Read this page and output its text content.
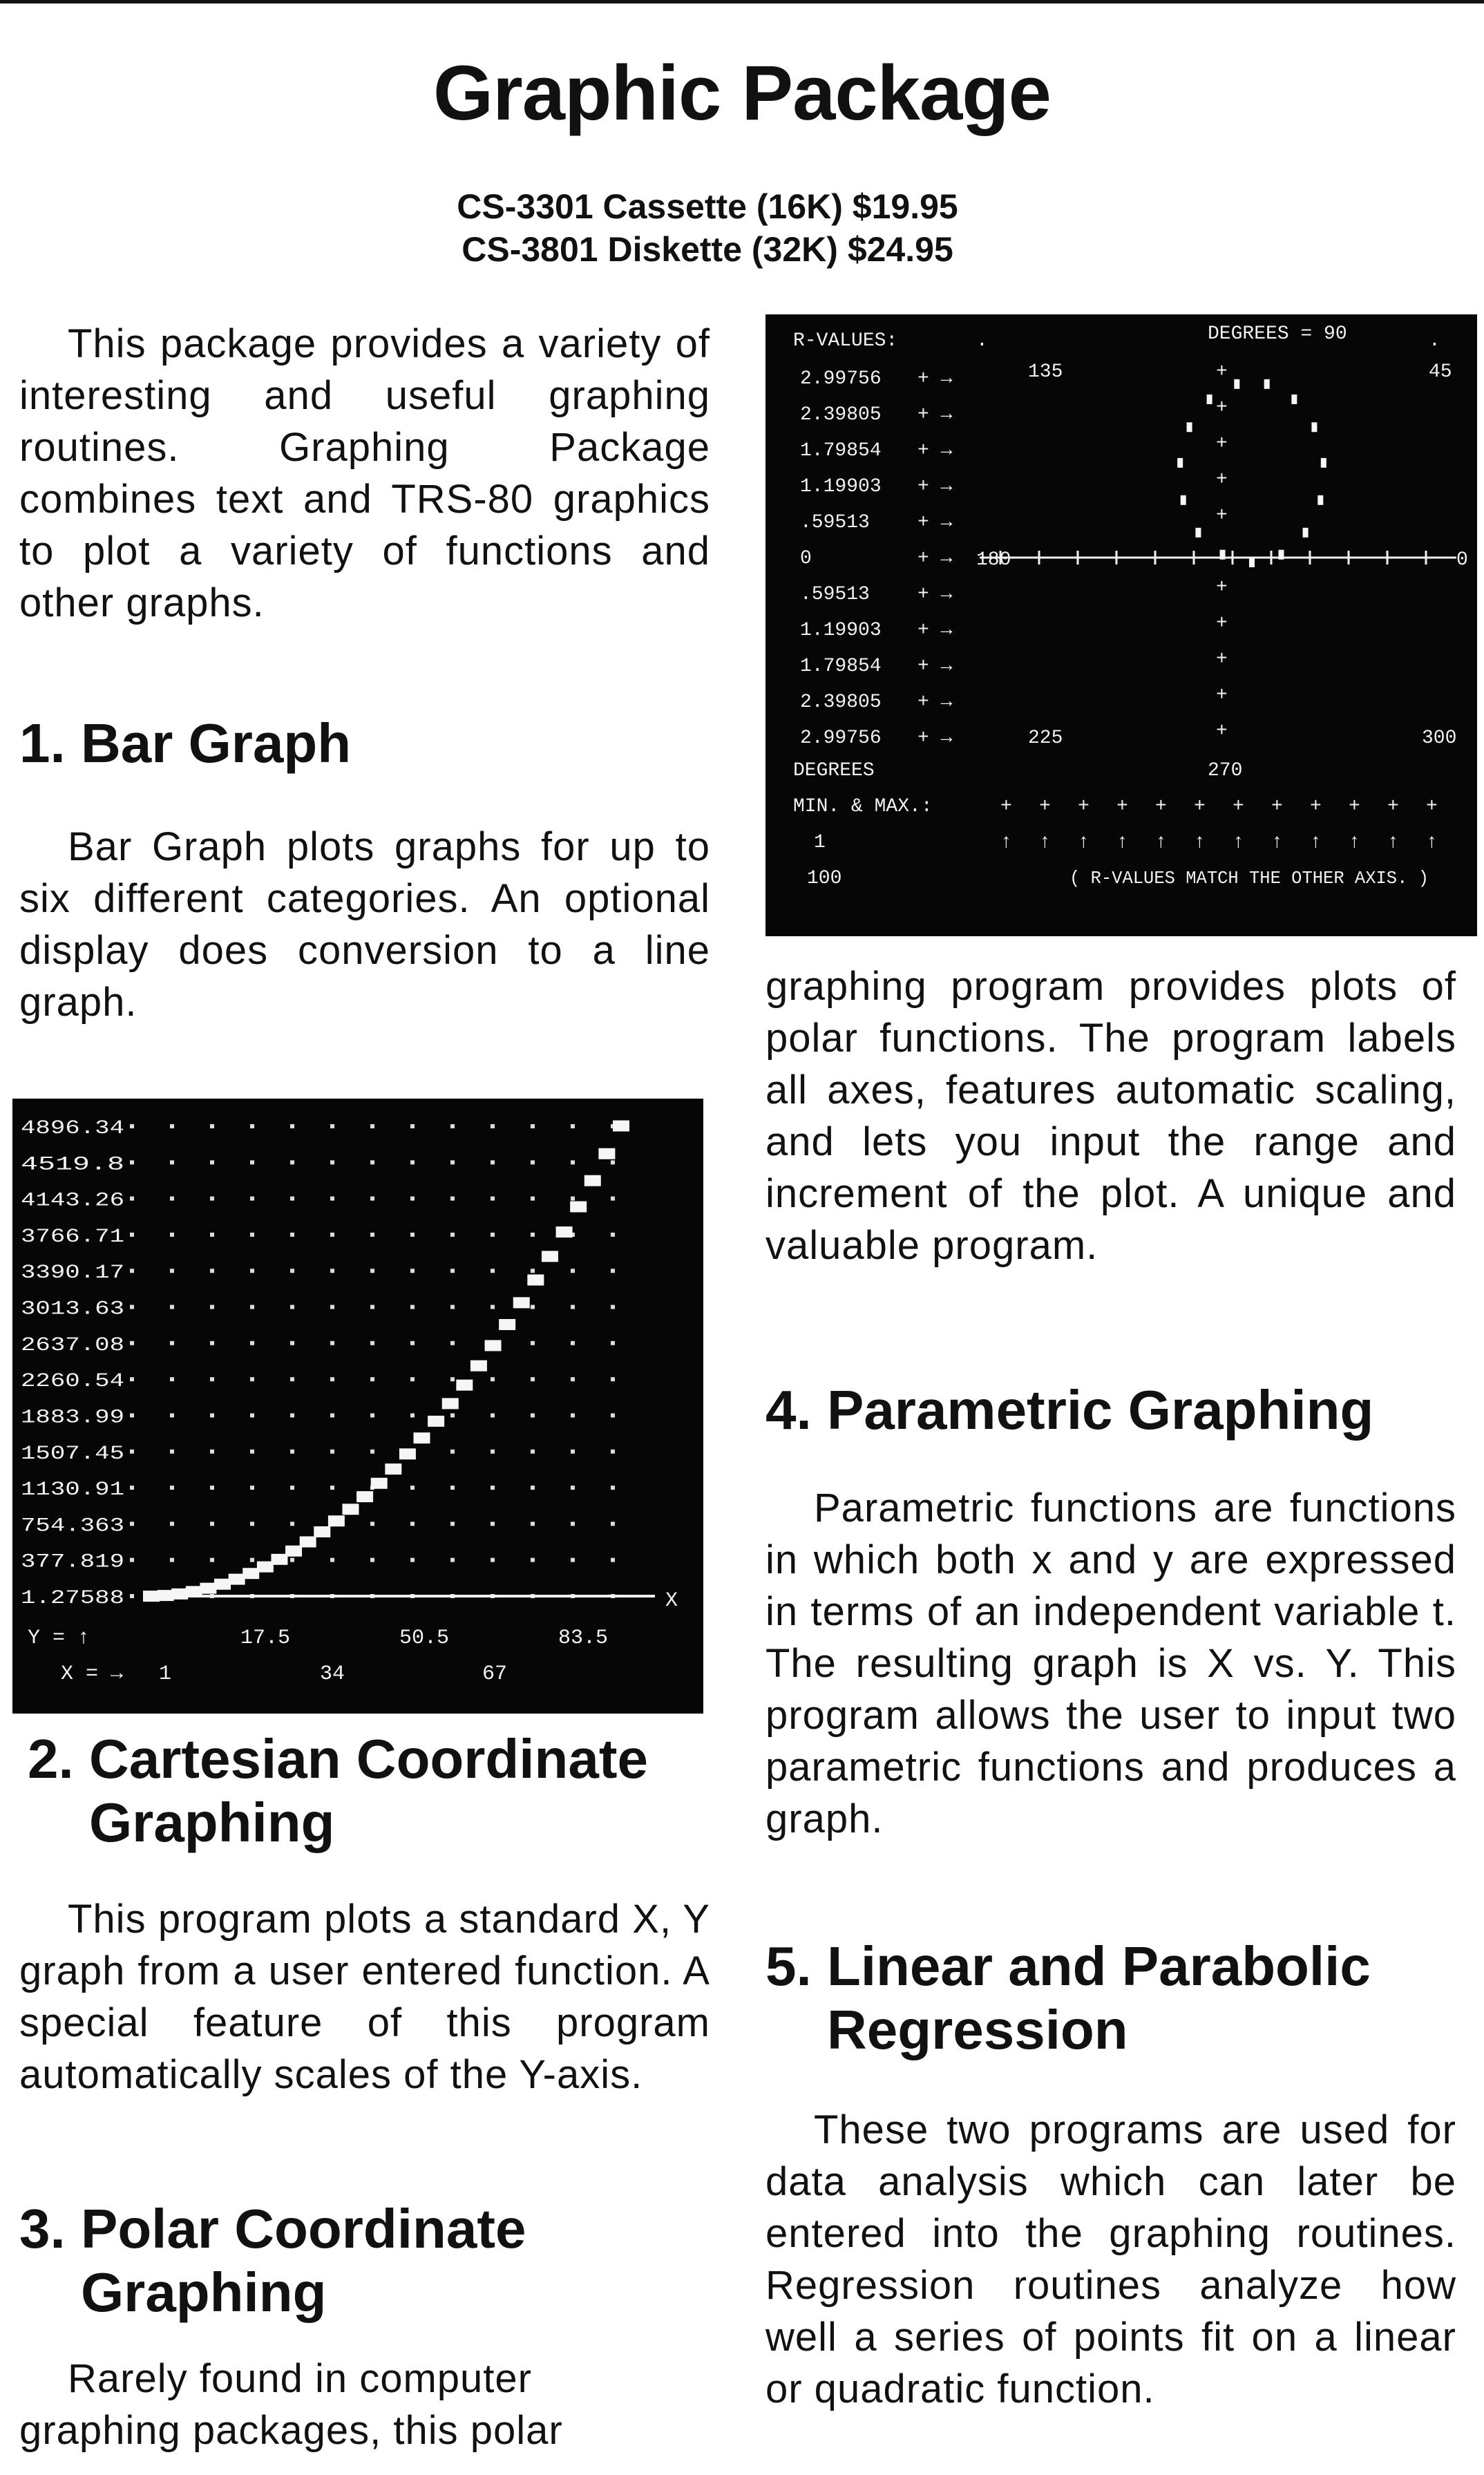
Graphic Package
CS-3301 Cassette (16K) $19.95
CS-3801 Diskette (32K) $24.95

This package provides a variety of interesting and useful graphing routines. Graphing Package combines text and TRS-80 graphics to plot a variety of functions and other graphs.

1. Bar Graph

Bar Graph plots graphs for up to six different categories. An optional display does conversion to a line graph.

4896.34
4519.8
4143.26
3766.71
3390.17
3013.63
2637.08
2260.54
1883.99
1507.45
1130.91
754.363
377.819
1.27588	X
Y = ↑
X = →
17.5	50.5	83.5
1	34	67
2. Cartesian Coordinate Graphing

This program plots a standard X, Y graph from a user entered function. A special feature of this program automatically scales of the Y-axis.

3. Polar Coordinate Graphing

Rarely found in computer

graphing packages, this polar

R-VALUES:	DEGREES = 90
2.99756 + →
2.39805 + →
1.79854 + →
1.19903 + →
.59513 + →
0	+ →
.59513 + →
1.19903 + →
1.79854 + →
2.39805 + →
2.99756 + →
+
+
+
+
+
+
+
+
+
+
.	.
135	45
180	0
225	300
270
DEGREES
MIN. & MAX.:
1
100
+
↑
+
↑
+
↑
+
↑
+
↑
+
↑
+
↑
+
↑
+
↑
+
↑
+
↑
+
↑
( R-VALUES MATCH THE OTHER AXIS. )

graphing program provides plots of polar functions. The program labels all axes, features automatic scaling, and lets you input the range and increment of the plot. A unique and valuable program.

4. Parametric Graphing

Parametric functions are functions in which both x and y are expressed in terms of an independent variable t. The resulting graph is X vs. Y. This program allows the user to input two parametric functions and produces a graph.

5. Linear and Parabolic Regression

These two programs are used for data analysis which can later be entered into the graphing routines. Regression routines analyze how well a series of points fit on a linear or quadratic function.
